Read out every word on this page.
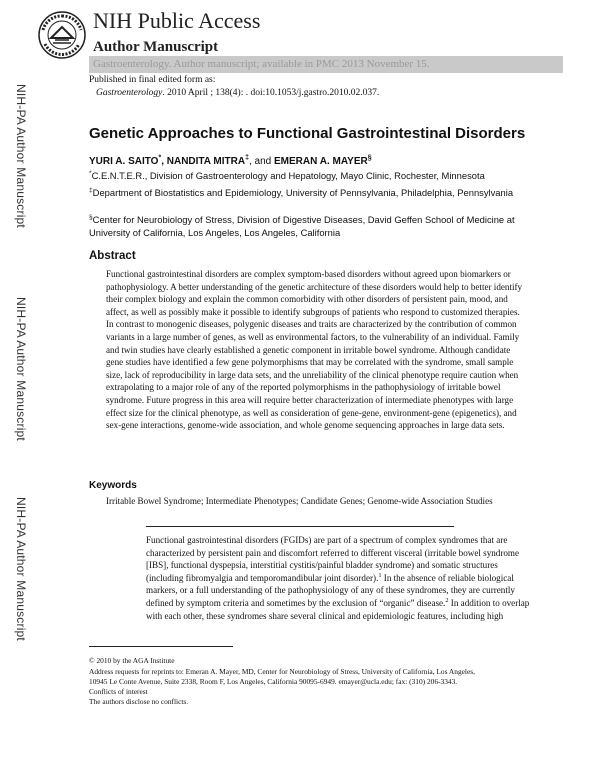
NIH Public Access
Author Manuscript
Gastroenterology. Author manuscript; available in PMC 2013 November 15.
Published in final edited form as:
Gastroenterology. 2010 April ; 138(4): . doi:10.1053/j.gastro.2010.02.037.
NIH-PA Author Manuscript
NIH-PA Author Manuscript
NIH-PA Author Manuscript
Genetic Approaches to Functional Gastrointestinal Disorders
YURI A. SAITO*, NANDITA MITRA‡, and EMERAN A. MAYER§
*C.E.N.T.E.R., Division of Gastroenterology and Hepatology, Mayo Clinic, Rochester, Minnesota
‡Department of Biostatistics and Epidemiology, University of Pennsylvania, Philadelphia, Pennsylvania
§Center for Neurobiology of Stress, Division of Digestive Diseases, David Geffen School of Medicine at University of California, Los Angeles, Los Angeles, California
Abstract
Functional gastrointestinal disorders are complex symptom-based disorders without agreed upon biomarkers or pathophysiology. A better understanding of the genetic architecture of these disorders would help to better identify their complex biology and explain the common comorbidity with other disorders of persistent pain, mood, and affect, as well as possibly make it possible to identify subgroups of patients who respond to customized therapies. In contrast to monogenic diseases, polygenic diseases and traits are characterized by the contribution of common variants in a large number of genes, as well as environmental factors, to the vulnerability of an individual. Family and twin studies have clearly established a genetic component in irritable bowel syndrome. Although candidate gene studies have identified a few gene polymorphisms that may be correlated with the syndrome, small sample size, lack of reproducibility in large data sets, and the unreliability of the clinical phenotype require caution when extrapolating to a major role of any of the reported polymorphisms in the pathophysiology of irritable bowel syndrome. Future progress in this area will require better characterization of intermediate phenotypes with large effect size for the clinical phenotype, as well as consideration of gene-gene, environment-gene (epigenetics), and sex-gene interactions, genome-wide association, and whole genome sequencing approaches in large data sets.
Keywords
Irritable Bowel Syndrome; Intermediate Phenotypes; Candidate Genes; Genome-wide Association Studies
Functional gastrointestinal disorders (FGIDs) are part of a spectrum of complex syndromes that are characterized by persistent pain and discomfort referred to different visceral (irritable bowel syndrome [IBS], functional dyspepsia, interstitial cystitis/painful bladder syndrome) and somatic structures (including fibromyalgia and temporomandibular joint disorder).$^1$ In the absence of reliable biological markers, or a full understanding of the pathophysiology of any of these syndromes, they are currently defined by symptom criteria and sometimes by the exclusion of “organic” disease.$^2$ In addition to overlap with each other, these syndromes share several clinical and epidemiologic features, including high
© 2010 by the AGA Institute
Address requests for reprints to: Emeran A. Mayer, MD, Center for Neurobiology of Stress, University of California, Los Angeles,
10945 Le Conte Avenue, Suite 2338, Room F, Los Angeles, California 90095-6949. emayer@ucla.edu; fax: (310) 206-3343.
Conflicts of interest
The authors disclose no conflicts.
